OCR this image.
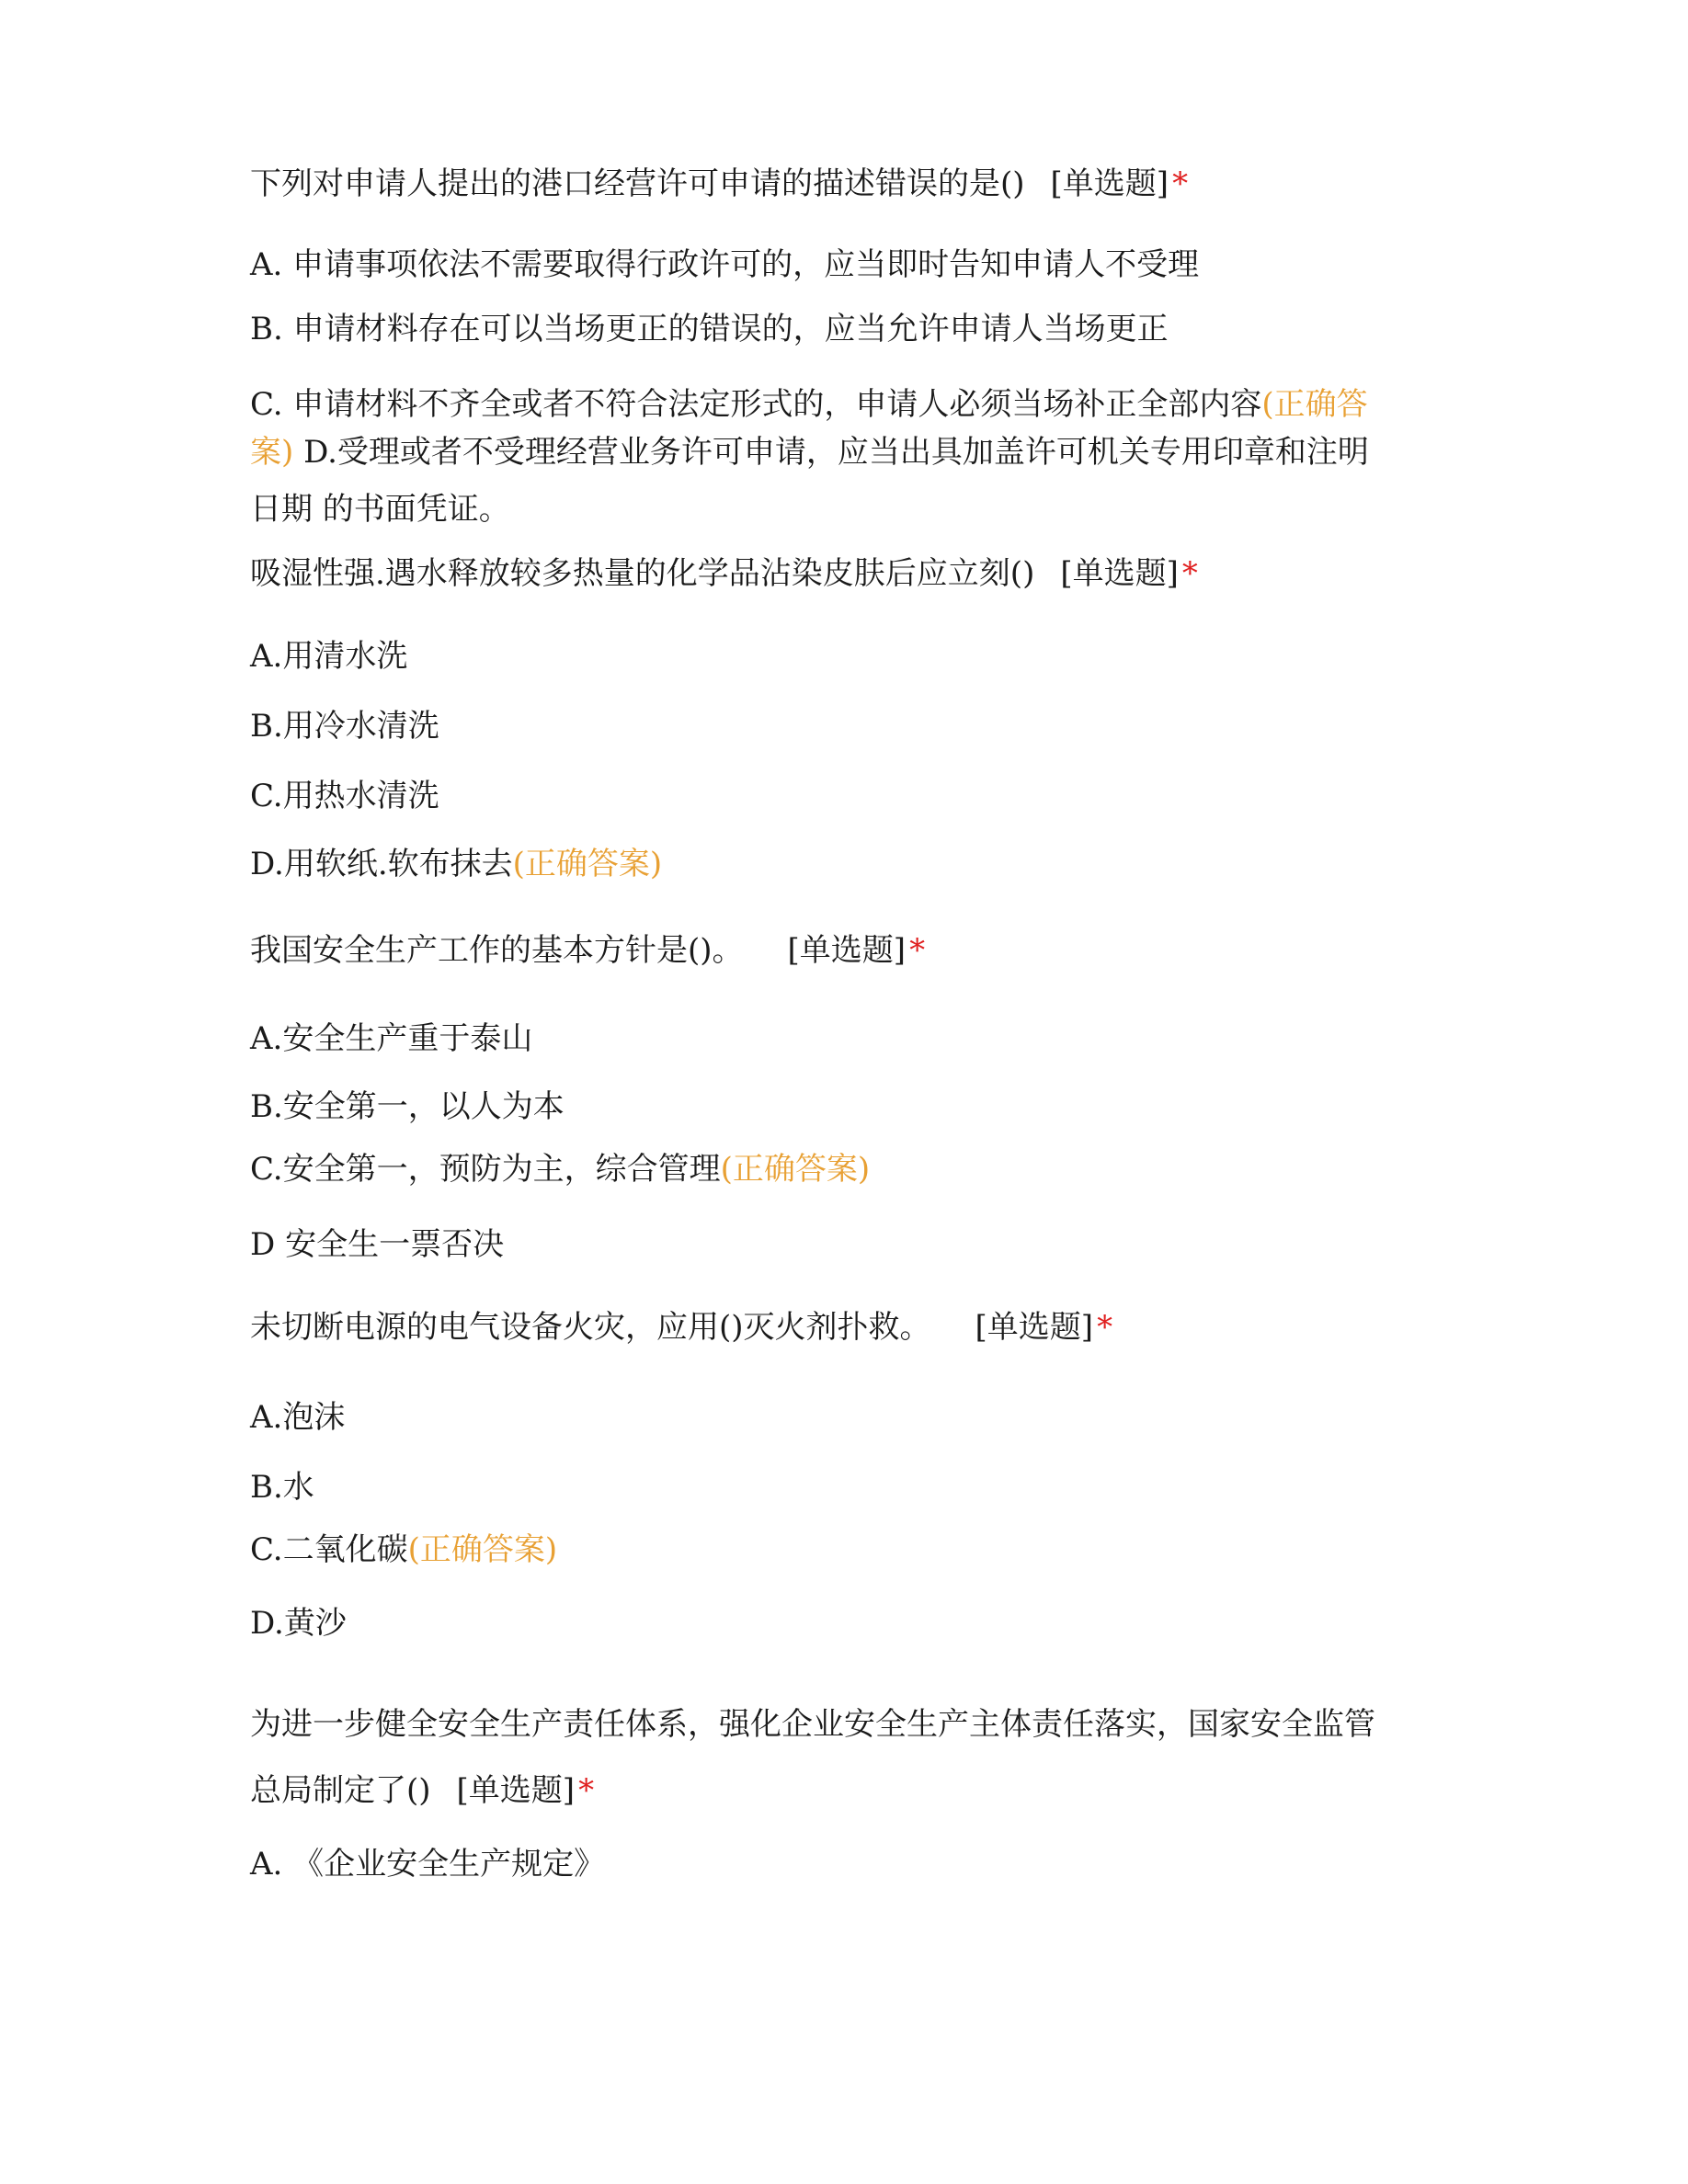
下列对申请人提出的港口经营许可申请的描述错误的是() [单选题] *
A. 申请事项依法不需要取得行政许可的，应当即时告知申请人不受理
B. 申请材料存在可以当场更正的错误的，应当允许申请人当场更正
C. 申请材料不齐全或者不符合法定形式的，申请人必须当场补正全部内容(正确答
案) D.受理或者不受理经营业务许可申请，应当出具加盖许可机关专用印章和注明
日期 的书面凭证。
吸湿性强.遇水释放较多热量的化学品沾染皮肤后应立刻() [单选题] *
A.用清水洗
B.用冷水清洗
C.用热水清洗
D.用软纸.软布抹去(正确答案)
我国安全生产工作的基本方针是()。 [单选题] *
A.安全生产重于泰山
B.安全第一，以人为本
C.安全第一，预防为主，综合管理(正确答案)
D 安全生一票否决
未切断电源的电气设备火灾，应用()灭火剂扑救。 [单选题] *
A.泡沫
B.水
C.二氧化碳(正确答案)
D.黄沙
为进一步健全安全生产责任体系，强化企业安全生产主体责任落实，国家安全监管
总局制定了() [单选题] *
A. 《企业安全生产规定》
